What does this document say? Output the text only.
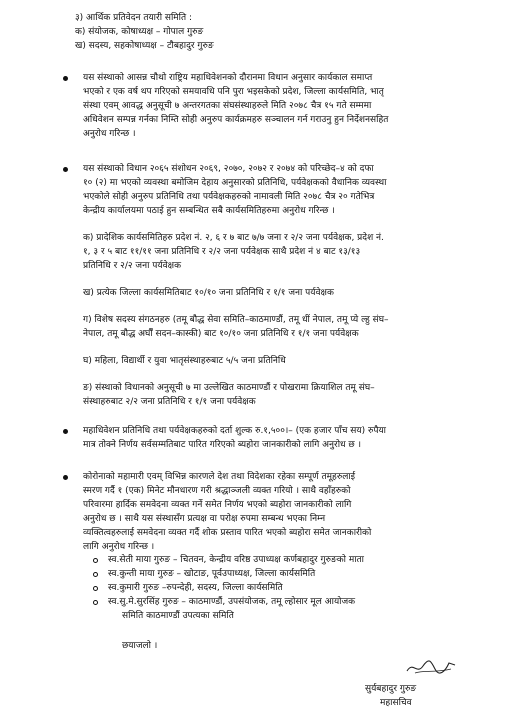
३) आर्थिक प्रतिवेदन तयारी समिति :
क) संयोजक, कोषाध्यक्ष – गोपाल गुरुङ
ख) सदस्य, सहकोषाध्यक्ष – टौबहादुर गुरुङ
यस संस्थाको आसन्न चौथो राष्ट्रिय महाधिवेशनको दौरानमा विधान अनुसार कार्यकाल समाप्त
भएको र एक वर्ष थप गरिएको समयावधि पनि पुरा भइसकेको प्रदेश, जिल्ला कार्यसमिति, भातृ
संस्था एवम् आवद्ध अनुसूची ७ अन्तरगतका संघसंस्थाहरुले मिति २०७८ चैत्र १५ गते सम्ममा
अधिवेशन सम्पन्न गर्नका निम्ति सोही अनुरुप कार्यक्रमहरु सञ्चालन गर्न गराउनु हुन निर्देशनसहित
अनुरोध गरिन्छ ।
यस संस्थाको विधान २०६५ संशोधन २०६९, २०७०, २०७२ र २०७४ को परिच्छेद–४ को दफा
१० (२) मा भएको व्यवस्था बमोजिम देहाय अनुसारको प्रतिनिधि, पर्यवेक्षकको वैधानिक व्यवस्था
भएकोले सोही अनुरुप प्रतिनिधि तथा पर्यवेक्षकहरुको नामावली मिति २०७८ चैत्र २० गतेभित्र
केन्द्रीय कार्यालयमा पठाई हुन सम्बन्धित सबै कार्यसमितिहरुमा अनुरोध गरिन्छ ।
क) प्रादेशिक कार्यसमितिहरु प्रदेश नं. २, ६ र ७ बाट ७/७ जना र २/२ जना पर्यवेक्षक, प्रदेश नं.
१, ३ र ५ बाट ११/११ जना प्रतिनिधि र २/२ जना पर्यवेक्षक साथै प्रदेश नं ४ बाट १३/१३
प्रतिनिधि र २/२ जना पर्यवेक्षक
ख) प्रत्येक जिल्ला कार्यसमितिबाट १०/१० जना प्रतिनिधि र १/१ जना पर्यवेक्षक
ग) विशेष सदस्य संगठनहरु (तमू बौद्ध सेवा समिति–काठमाण्डौं, तमू धीं नेपाल, तमू प्ये ल्हु संघ–
नेपाल, तमू बौद्ध अर्घौं सदन–कास्की) बाट १०/१० जना प्रतिनिधि र १/१ जना पर्यवेक्षक
घ) महिला, विद्यार्थी र युवा भातृसंस्थाहरुबाट ५/५ जना प्रतिनिधि
ङ) संस्थाको विधानको अनुसूची ७ मा उल्लेखित काठमाण्डौं र पोखरामा क्रियाशिल तमू संघ–
संस्थाहरुबाट २/२ जना प्रतिनिधि र १/१ जना पर्यवेक्षक
महाधिवेशन प्रतिनिधि तथा पर्यवेक्षकहरुको दर्ता शुल्क रु.१,५००।– (एक हजार पाँच सय) रुपैया
मात्र तोक्ने निर्णय सर्वसम्मतिबाट पारित गरिएको ब्यहोरा जानकारीको लागि अनुरोध छ ।
कोरोनाको महामारी एवम् विभिन्न कारणले देश तथा विदेशका रहेका सम्पूर्ण तमूहरुलाई
स्मरण गर्दै १ (एक) मिनेट मौनधारण गरी श्रद्धाञ्जली व्यक्त गरियो । साथै वहाँहरुको
परिवारमा हार्दिक समवेदना व्यक्त गर्ने समेत निर्णय भएको ब्यहोरा जानकारीको लागि
अनुरोध छ । साथै यस संस्थासँग प्रत्यक्ष वा परोक्ष रुपमा सम्बन्ध भएका निम्न
व्यक्तित्वहरुलाई समवेदना व्यक्त गर्दै शोक प्रस्ताव पारित भएको ब्यहोरा समेत जानकारीको
लागि अनुरोध गरिन्छ ।
स्व.सेती माया गुरुङ – चितवन, केन्द्रीय वरिष्ठ उपाध्यक्ष कर्णबहादुर गुरुङको माता
स्व.कुन्ती माया गुरुङ – खोटाङ, पूर्वउपाध्यक्ष, जिल्ला कार्यसमिति
स्व.कुमारी गुरुङ –रुपन्देही, सदस्य, जिल्ला कार्यसमिति
स्व.सु.मे.सुरसिंह गुरुङ – काठमाण्डौं, उपसंयोजक, तमू ल्होसार मूल आयोजक
समिति काठमाण्डौं उपत्यका समिति
छयाजलो ।
सुर्यबहादुर गुरुङ
महासचिव
